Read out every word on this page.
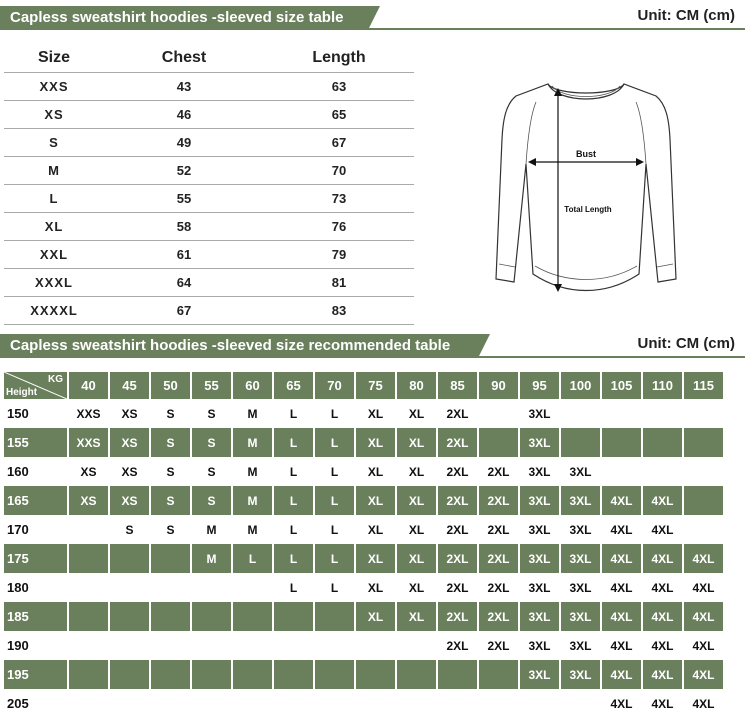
Capless sweatshirt hoodies -sleeved size table	Unit: CM (cm)
Size	Chest	Length
XXS	43	63
XS	46	65
S	49	67
M	52	70
L	55	73
XL	58	76
XXL	61	79
XXXL	64	81
XXXXL	67	83
Bust
Total Length
Capless sweatshirt hoodies -sleeved size recommended table	Unit: CM (cm)
KG
Height	40	45	50	55	60	65	70	75	80	85	90	95	100	105	110	115
150	XXS	XS	S	S	M	L	L	XL	XL	2XL		3XL				
155	XXS	XS	S	S	M	L	L	XL	XL	2XL		3XL				
160	XS	XS	S	S	M	L	L	XL	XL	2XL	2XL	3XL	3XL			
165	XS	XS	S	S	M	L	L	XL	XL	2XL	2XL	3XL	3XL	4XL	4XL	
170		S	S	M	M	L	L	XL	XL	2XL	2XL	3XL	3XL	4XL	4XL	
175				M	L	L	L	XL	XL	2XL	2XL	3XL	3XL	4XL	4XL	4XL
180						L	L	XL	XL	2XL	2XL	3XL	3XL	4XL	4XL	4XL
185								XL	XL	2XL	2XL	3XL	3XL	4XL	4XL	4XL
190										2XL	2XL	3XL	3XL	4XL	4XL	4XL
195												3XL	3XL	4XL	4XL	4XL
205														4XL	4XL	4XL
